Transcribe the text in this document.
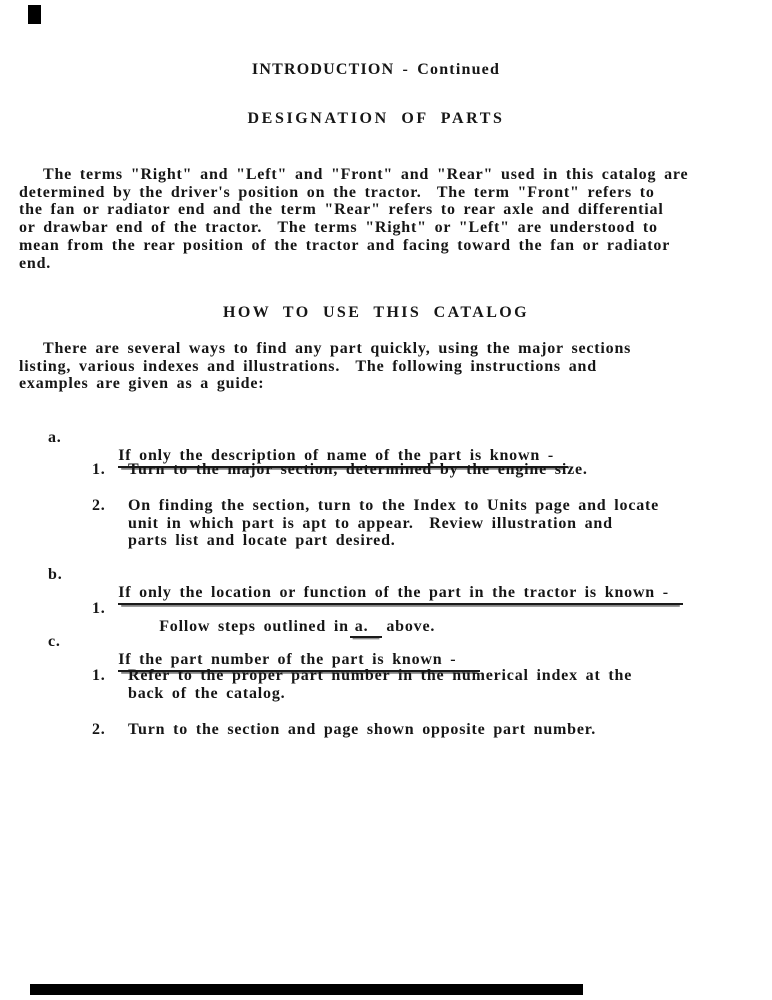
INTRODUCTION - Continued
DESIGNATION OF PARTS
The terms "Right" and "Left" and "Front" and "Rear" used in this catalog are
determined by the driver's position on the tractor.  The term "Front" refers to
the fan or radiator end and the term "Rear" refers to rear axle and differential
or drawbar end of the tractor.  The terms "Right" or "Left" are understood to
mean from the rear position of the tractor and facing toward the fan or radiator
end.
HOW TO USE THIS CATALOG
There are several ways to find any part quickly, using the major sections
listing, various indexes and illustrations.  The following instructions and
examples are given as a guide:
a.

If only the description of name of the part is known -

1. Turn to the major section, determined by the engine size.
2. On finding the section, turn to the Index to Units page and locate
unit in which part is apt to appear.  Review illustration and
parts list and locate part desired.
b.

If only the location or function of the part in the tractor is known -

1.

Follow steps outlined in a. above.

c.

If the part number of the part is known -

1. Refer to the proper part number in the numerical index at the
back of the catalog.
2. Turn to the section and page shown opposite part number.
